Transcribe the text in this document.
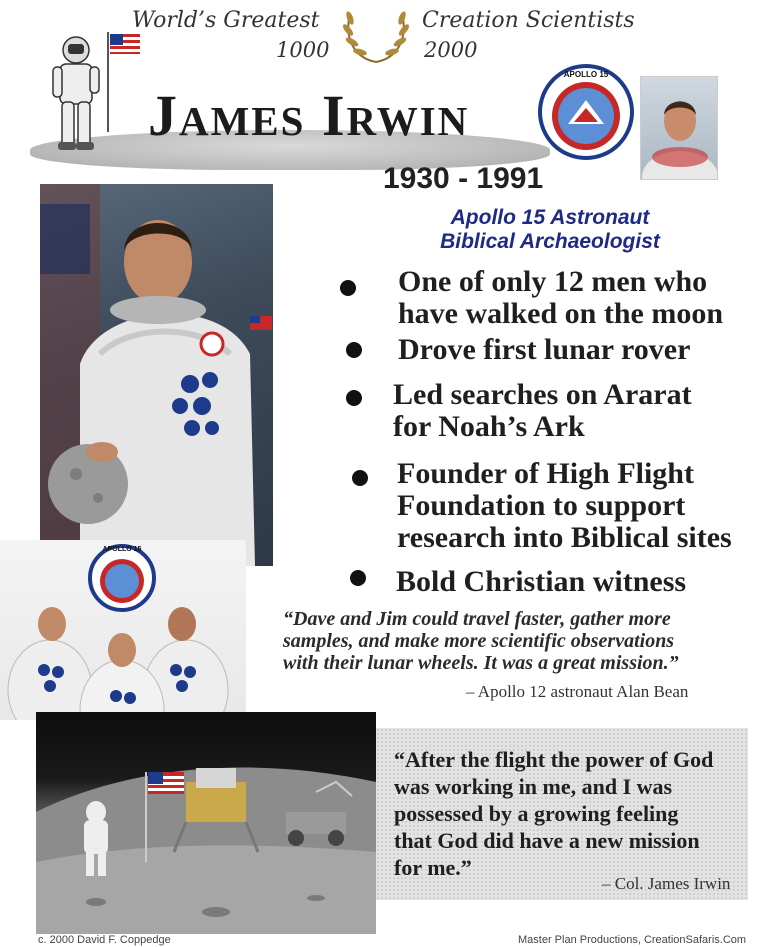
World’s Greatest	Creation Scientists
1000	2000
James Irwin
APOLLO 15
1930 - 1991
Apollo 15 Astronaut
Biblical Archaeologist
One of only 12 men who
have walked on the moon
Drove first lunar rover
Led searches on Ararat
for Noah’s Ark
Founder of High Flight
Foundation to support
research into Biblical sites
Bold Christian witness
APOLLO 15
“Dave and Jim could travel faster, gather more
samples, and make more scientific observations
with their lunar wheels. It was a great mission.”
– Apollo 12 astronaut Alan Bean
“After the flight the power of God
was working in me, and I was
possessed by a growing feeling
that God did have a new mission
for me.”
– Col. James Irwin
c. 2000 David F. Coppedge	Master Plan Productions, CreationSafaris.Com
